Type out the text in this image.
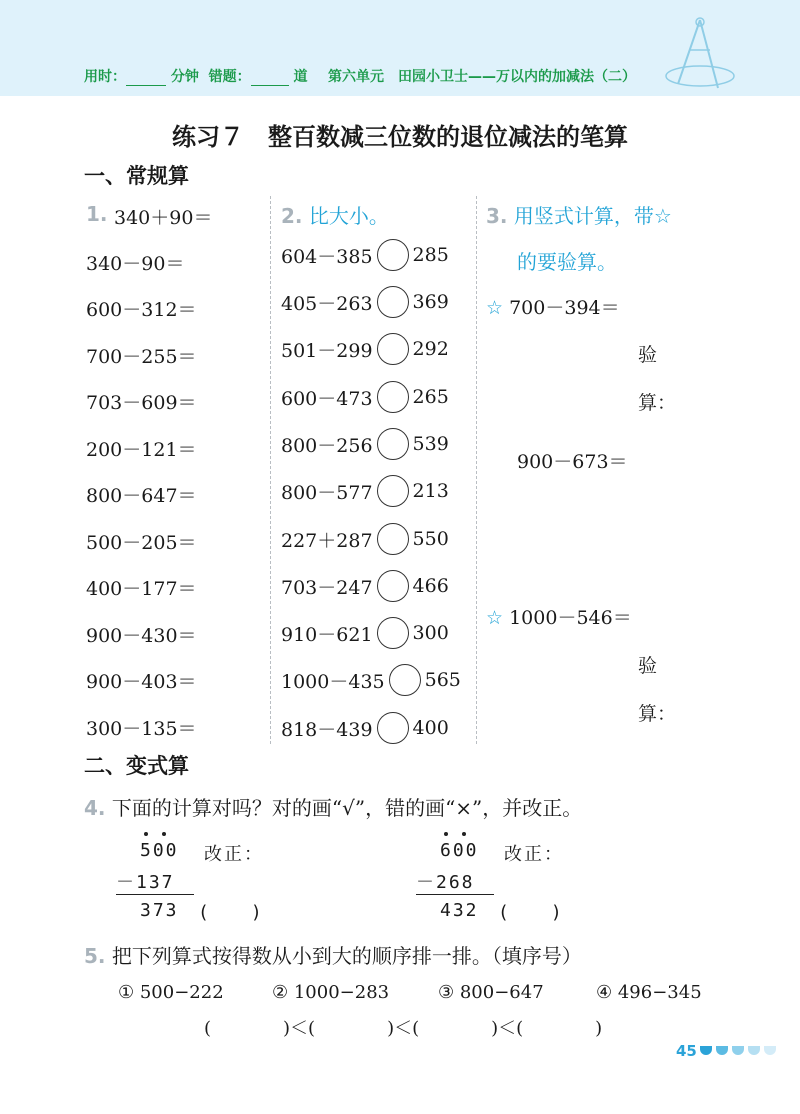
用时：	分钟 错题：	道 第六单元　田园小卫士——万以内的加减法（二）
练习７　整百数减三位数的退位减法的笔算
一、常规算
1. 340＋90＝
340－90＝
600－312＝
700－255＝
703－609＝
200－121＝
800－647＝
500－205＝
400－177＝
900－430＝
900－403＝
300－135＝
2. 比大小。
604－385 285
405－263 369
501－299 292
600－473 265
800－256 539
800－577 213
227＋287 550
703－247 466
910－621 300
1000－435 565
818－439 400
3. 用竖式计算，带☆
的要验算。
☆ 700－394＝
验
算：
900－673＝
☆ 1000－546＝
验
算：
二、变式算
4. 下面的计算对吗？对的画“√”，错的画“×”，并改正。
500 改正：
－137
373 (　　)
600 改正：
－268
432 (　　)
5. 把下列算式按得数从小到大的顺序排一排。（填序号）
① 500−222	② 1000−283	③ 800−647	④ 496−345
(　　　　)＜(　　　　)＜(　　　　)＜(　　　　)
45
